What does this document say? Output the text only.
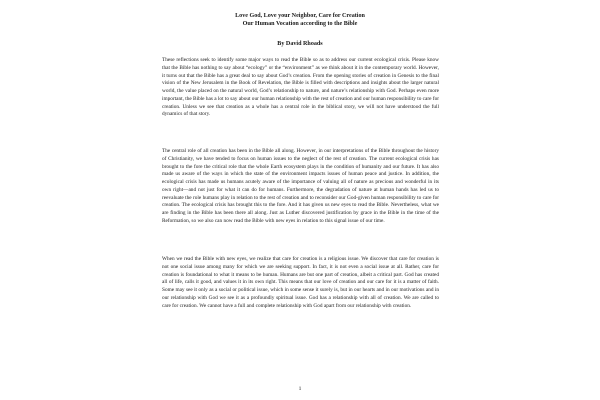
Love God, Love your Neighbor, Care for Creation

Our Human Vocation according to the Bible

By David Rhoads

These reflections seek to identify some major ways to read the Bible so as to address our current ecological crisis. Please know that the Bible has nothing to say about “ecology” or the “environment” as we think about it in the contemporary world. However, it turns out that the Bible has a great deal to say about God’s creation. From the opening stories of creation in Genesis to the final vision of the New Jerusalem in the Book of Revelation, the Bible is filled with descriptions and insights about the larger natural world, the value placed on the natural world, God’s relationship to nature, and nature’s relationship with God. Perhaps even more important, the Bible has a lot to say about our human relationship with the rest of creation and our human responsibility to care for creation. Unless we see that creation as a whole has a central role in the biblical story, we will not have understood the full dynamics of that story.

The central role of all creation has been in the Bible all along. However, in our interpretations of the Bible throughout the history of Christianity, we have tended to focus on human issues to the neglect of the rest of creation. The current ecological crisis has brought to the fore the critical role that the whole Earth ecosystem plays in the condition of humanity and our future. It has also made us aware of the ways in which the state of the environment impacts issues of human peace and justice. In addition, the ecological crisis has made us humans acutely aware of the importance of valuing all of nature as precious and wonderful in its own right—and not just for what it can do for humans. Furthermore, the degradation of nature at human hands has led us to reevaluate the role humans play in relation to the rest of creation and to reconsider our God-given human responsibility to care for creation. The ecological crisis has brought this to the fore. And it has given us new eyes to read the Bible. Nevertheless, what we are finding in the Bible has been there all along. Just as Luther discovered justification by grace in the Bible in the time of the Reformation, so we also can now read the Bible with new eyes in relation to this signal issue of our time.

When we read the Bible with new eyes, we realize that care for creation is a religious issue. We discover that care for creation is not one social issue among many for which we are seeking support. In fact, it is not even a social issue at all. Rather, care for creation is foundational to what it means to be human. Humans are but one part of creation, albeit a critical part. God has created all of life, calls it good, and values it in its own right. This means that our love of creation and our care for it is a matter of faith. Some may see it only as a social or political issue, which in some sense it surely is, but in our hearts and in our motivations and in our relationship with God we see it as a profoundly spiritual issue. God has a relationship with all of creation. We are called to care for creation. We cannot have a full and complete relationship with God apart from our relationship with creation.

1
